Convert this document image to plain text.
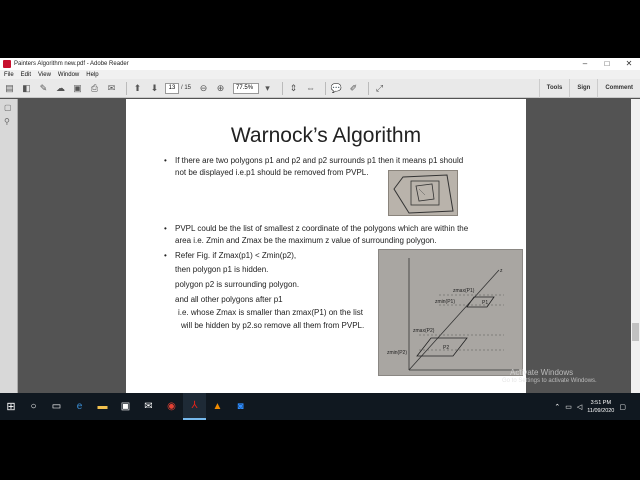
Painters Algorithm new.pdf - Adobe Reader	–	□	✕
File Edit View Window Help
▤ ◧ ✎ ☁ ▣	⎙	✉	⬆	⬇	13 / 15 ⊖	⊕	77.5%	▾	⇕ ⇔ 💬 ✐	⤢	Tools	Sign	Comment
▢
⚲
Warnock’s Algorithm
• If there are two polygons p1 and p2 and p2 surrounds p1 then it means p1 should
not be displayed i.e.p1 should be removed from PVPL.
• PVPL could be the list of smallest z coordinate of the polygons which are within the
area i.e. Zmin and Zmax be the maximum z value of surrounding polygon.
• Refer Fig. if Zmax(p1) < Zmin(p2),
then polygon p1 is hidden.
polygon p2 is surrounding polygon.
and all other polygons after p1
i.e. whose Zmax is smaller than zmax(P1) on the list
will be hidden by p2.so remove all them from PVPL.
zmax(P1)
zmin(P1)
zmax(P2)
zmin(P2)
P1
P2
z
Activate Windows
Go to Settings to activate Windows.
⊞	○	▭	e	▬	▣	✉	◉	⅄	▲	◙	⌃ ▭ ◁
3:51 PM
11/09/2020 ▢
